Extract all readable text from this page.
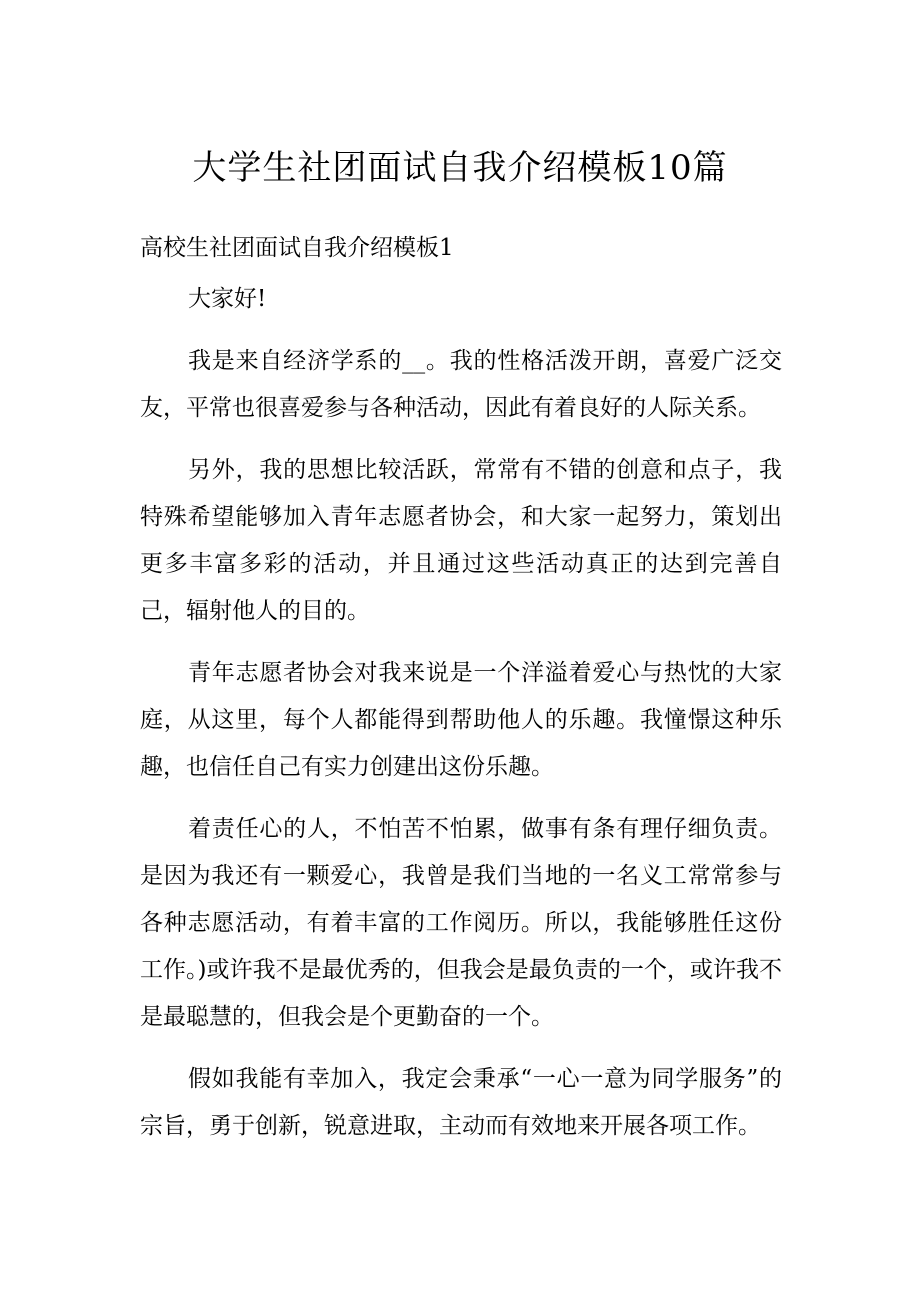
大学生社团面试自我介绍模板10篇
高校生社团面试自我介绍模板1

大家好!

我是来自经济学系的__。我的性格活泼开朗，喜爱广泛交友，平常也很喜爱参与各种活动，因此有着良好的人际关系。

另外，我的思想比较活跃，常常有不错的创意和点子，我特殊希望能够加入青年志愿者协会，和大家一起努力，策划出更多丰富多彩的活动，并且通过这些活动真正的达到完善自己，辐射他人的目的。

青年志愿者协会对我来说是一个洋溢着爱心与热忱的大家庭，从这里，每个人都能得到帮助他人的乐趣。我憧憬这种乐趣，也信任自己有实力创建出这份乐趣。

着责任心的人，不怕苦不怕累，做事有条有理仔细负责。是因为我还有一颗爱心，我曾是我们当地的一名义工常常参与各种志愿活动，有着丰富的工作阅历。所以，我能够胜任这份工作。)或许我不是最优秀的，但我会是最负责的一个，或许我不是最聪慧的，但我会是个更勤奋的一个。

假如我能有幸加入，我定会秉承“一心一意为同学服务”的宗旨，勇于创新，锐意进取，主动而有效地来开展各项工作。
